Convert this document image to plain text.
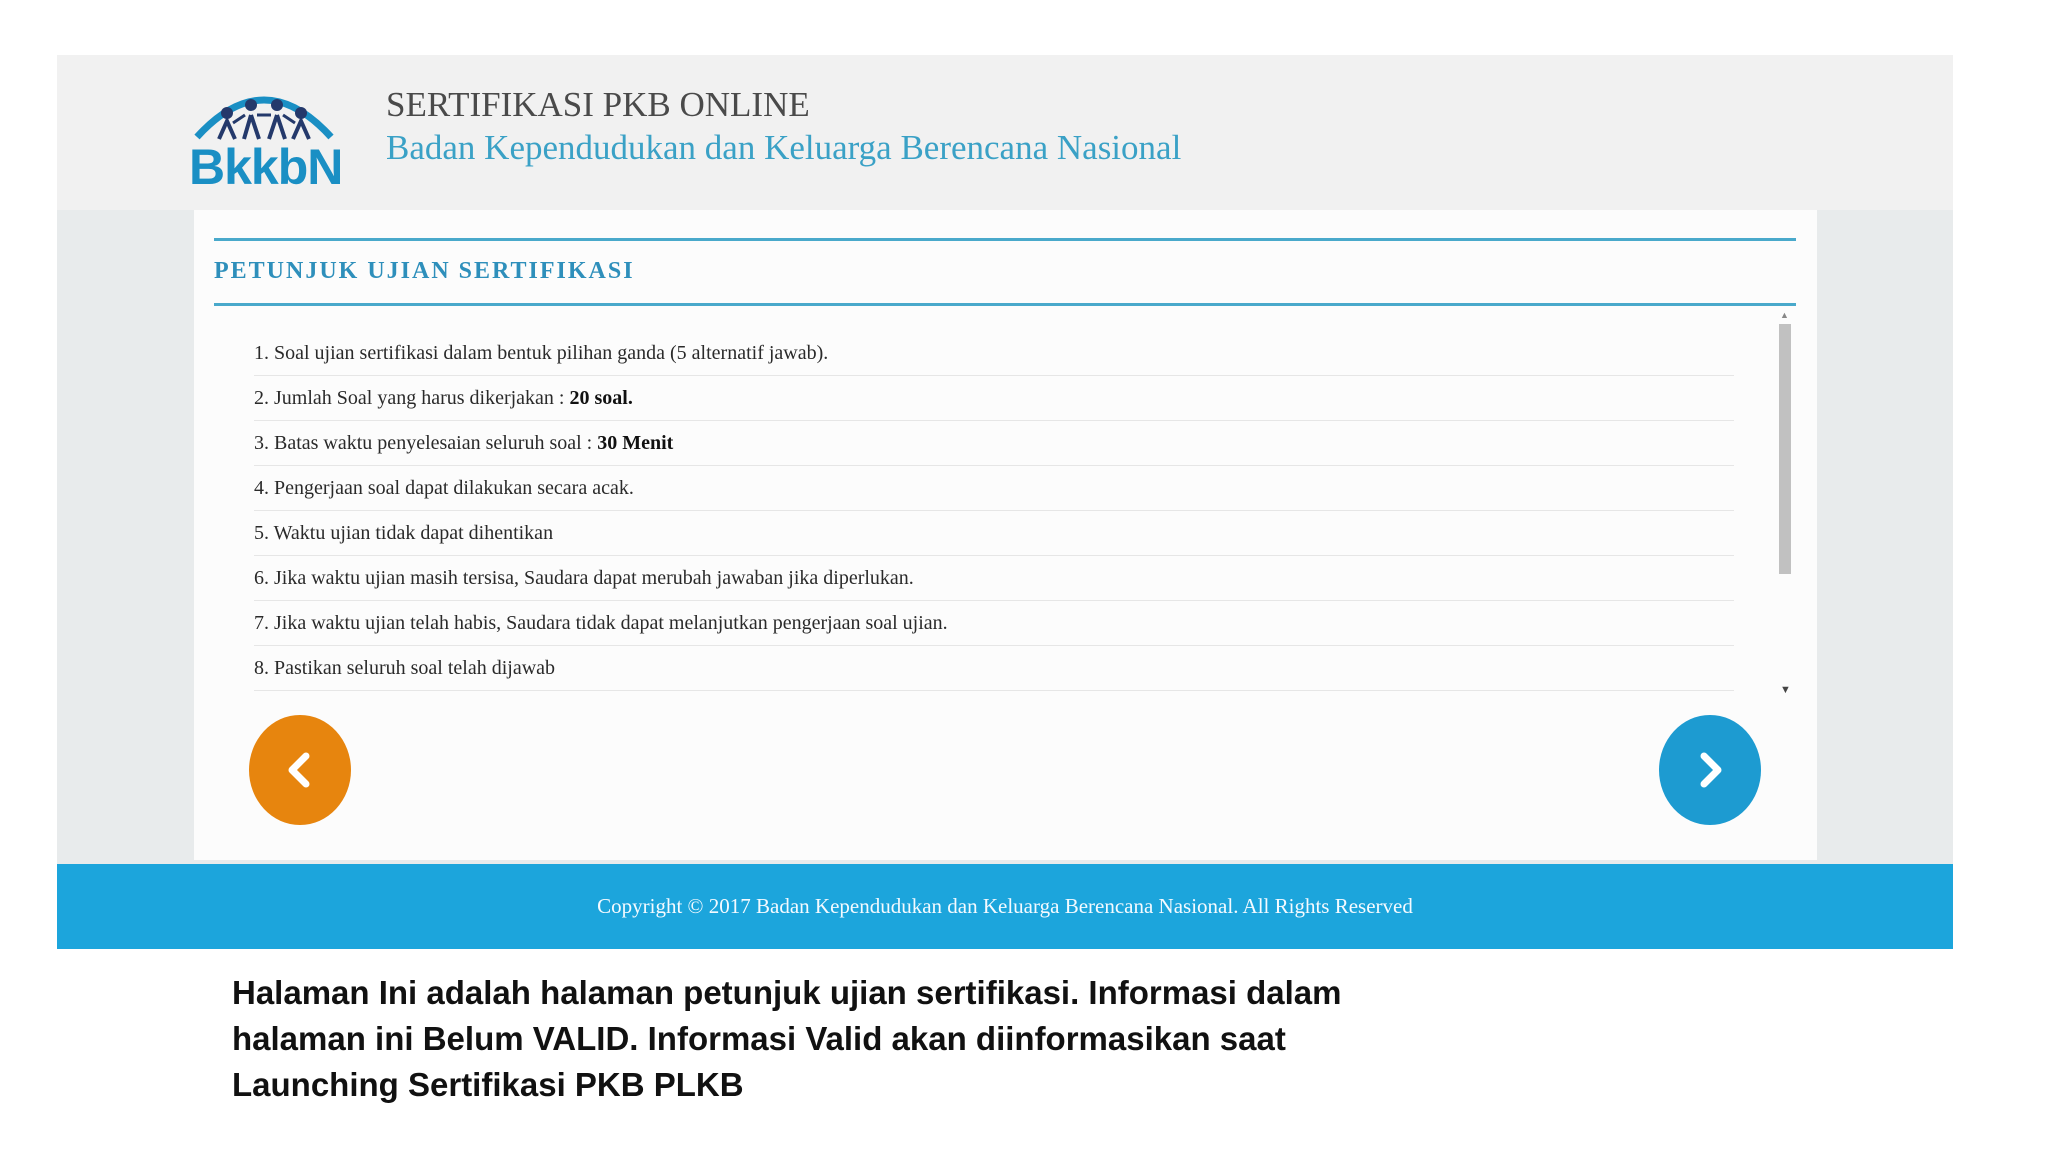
BkkbN
SERTIFIKASI PKB ONLINE
Badan Kependudukan dan Keluarga Berencana Nasional
PETUNJUK UJIAN SERTIFIKASI
1. Soal ujian sertifikasi dalam bentuk pilihan ganda (5 alternatif jawab).
2. Jumlah Soal yang harus dikerjakan : 20 soal.
3. Batas waktu penyelesaian seluruh soal : 30 Menit
4. Pengerjaan soal dapat dilakukan secara acak.
5. Waktu ujian tidak dapat dihentikan
6. Jika waktu ujian masih tersisa, Saudara dapat merubah jawaban jika diperlukan.
7. Jika waktu ujian telah habis, Saudara tidak dapat melanjutkan pengerjaan soal ujian.
8. Pastikan seluruh soal telah dijawab
▲
▼
Copyright © 2017 Badan Kependudukan dan Keluarga Berencana Nasional. All Rights Reserved
Halaman Ini adalah halaman petunjuk ujian sertifikasi. Informasi dalam
halaman ini Belum VALID. Informasi Valid akan diinformasikan saat
Launching Sertifikasi PKB PLKB
